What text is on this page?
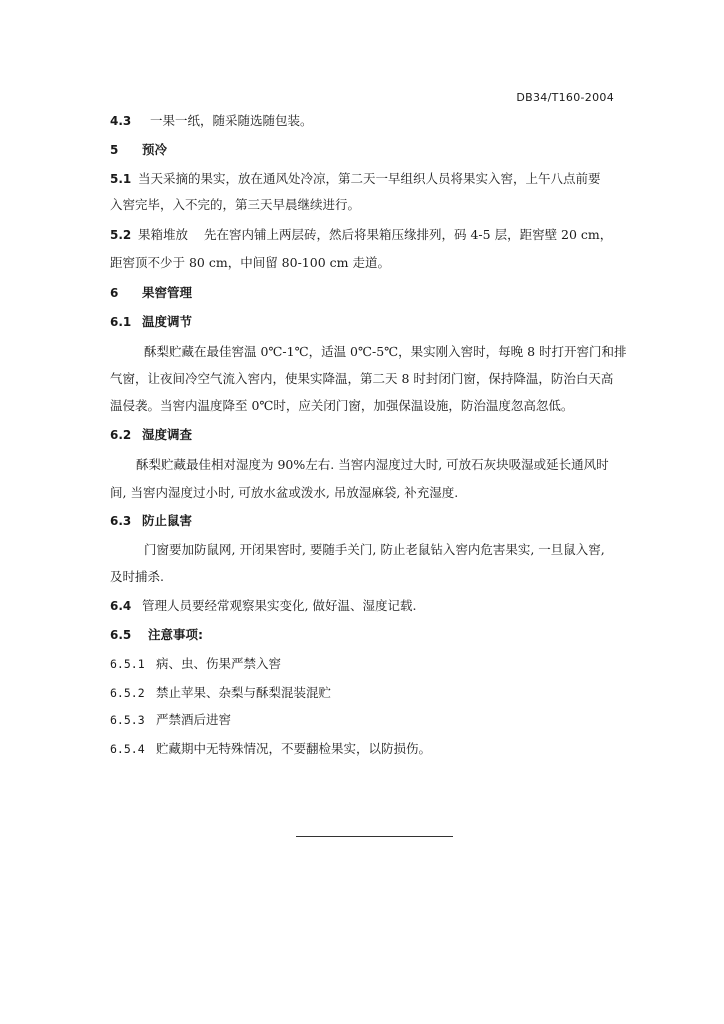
DB34/T160-2004
4.3 一果一纸，随采随选随包装。
5 预冷
5.1 当天采摘的果实，放在通风处冷凉，第二天一早组织人员将果实入窖，上午八点前要
入窖完毕，入不完的，第三天早晨继续进行。
5.2 果箱堆放 先在窖内铺上两层砖，然后将果箱压缘排列，码 4-5 层，距窖壁 20 cm，
距窖顶不少于 80 cm，中间留 80-100 cm 走道。
6 果窖管理
6.1 温度调节
酥梨贮藏在最佳窖温 0℃-1℃，适温 0℃-5℃，果实刚入窖时，每晚 8 时打开窖门和排
气窗，让夜间冷空气流入窖内，使果实降温，第二天 8 时封闭门窗，保持降温，防治白天高
温侵袭。当窖内温度降至 0℃时，应关闭门窗，加强保温设施，防治温度忽高忽低。
6.2 湿度调查
酥梨贮藏最佳相对湿度为 90%左右. 当窖内湿度过大时, 可放石灰块吸湿或延长通风时
间, 当窖内湿度过小时, 可放水盆或泼水, 吊放湿麻袋, 补充湿度.
6.3 防止鼠害
门窗要加防鼠网, 开闭果窖时, 要随手关门, 防止老鼠钻入窖内危害果实, 一旦鼠入窖,
及时捕杀.
6.4 管理人员要经常观察果实变化, 做好温、湿度记载.
6.5 注意事项:
6.5.1 病、虫、伤果严禁入窖
6.5.2 禁止苹果、杂梨与酥梨混装混贮
6.5.3 严禁酒后进窖
6.5.4 贮藏期中无特殊情况，不要翻检果实，以防损伤。
